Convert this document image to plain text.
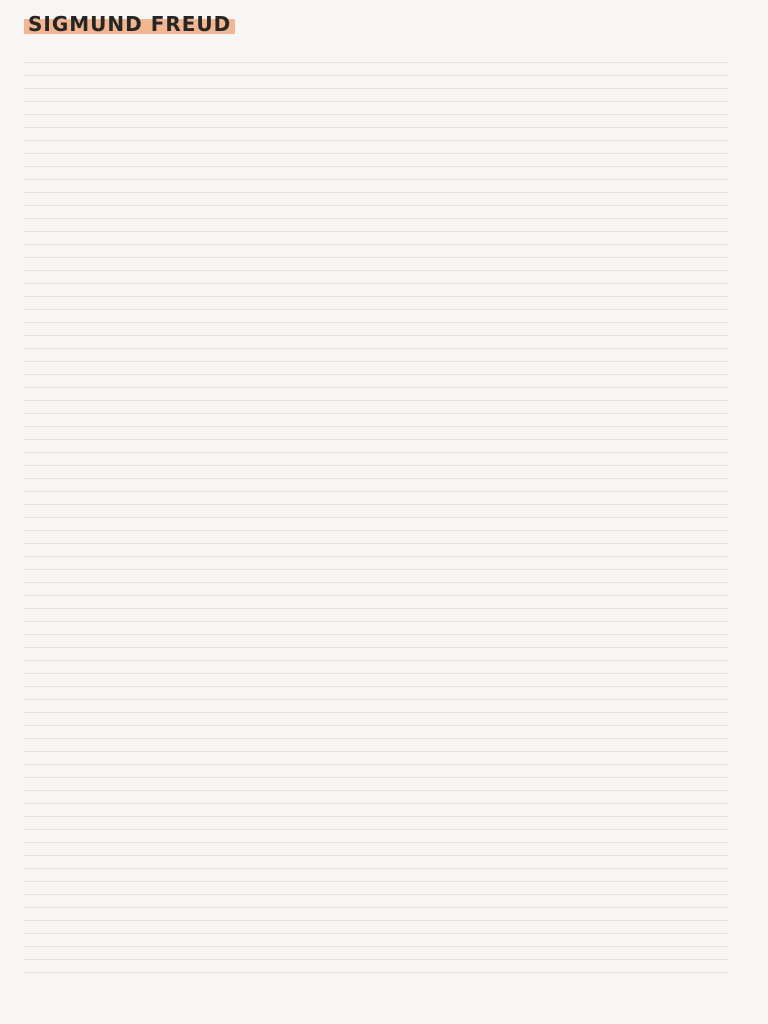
SIGMUND FREUD
